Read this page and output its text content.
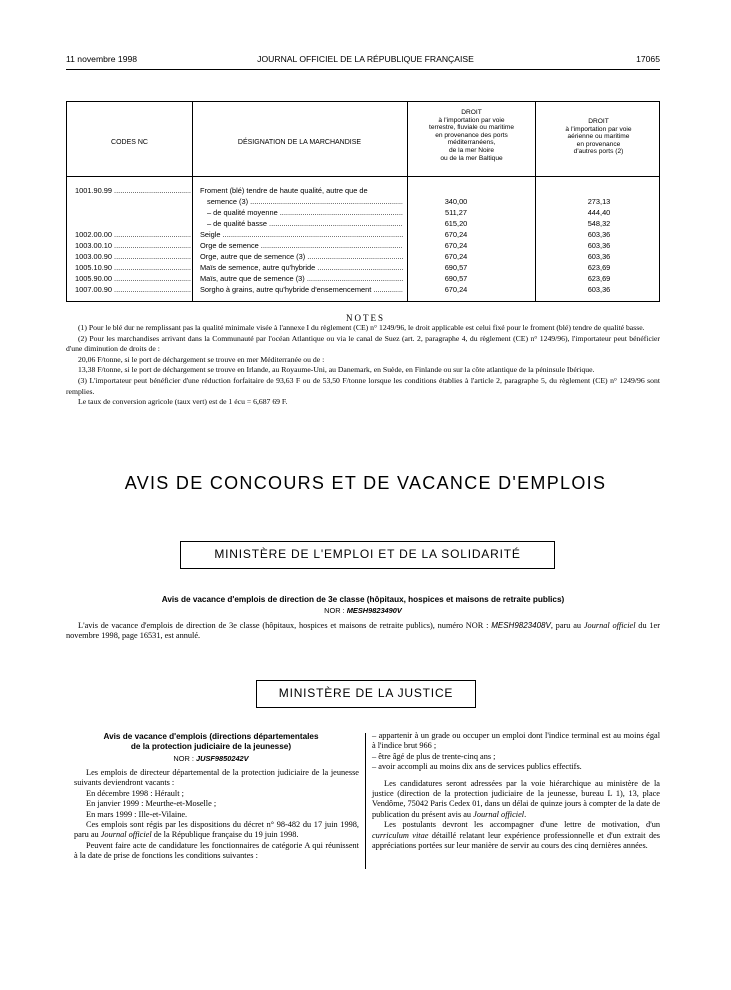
11 novembre 1998	JOURNAL OFFICIEL DE LA RÉPUBLIQUE FRANÇAISE	17065
CODES NC	DÉSIGNATION DE LA MARCHANDISE
DROIT
à l'importation par voie
terrestre, fluviale ou maritime
en provenance des ports
méditerranéens,
de la mer Noire
ou de la mer Baltique
DROIT
à l'importation par voie
aérienne ou maritime
en provenance
d'autres ports (2)
1001.90.99 .....	Froment (blé) tendre de haute qualité, autre que de
semence (3) .....	340,00	273,13
– de qualité moyenne .....	511,27	444,40
– de qualité basse .....	615,20	548,32
1002.00.00 .....	Seigle .....	670,24	603,36
1003.00.10 .....	Orge de semence .....	670,24	603,36
1003.00.90 .....	Orge, autre que de semence (3) .....	670,24	603,36
1005.10.90 .....	Maïs de semence, autre qu'hybride .....	690,57	623,69
1005.90.00 .....	Maïs, autre que de semence (3) .....	690,57	623,69
1007.00.90 .....	Sorgho à grains, autre qu'hybride d'ensemencement .....	670,24	603,36
NOTES

(1) Pour le blé dur ne remplissant pas la qualité minimale visée à l'annexe I du règlement (CE) n° 1249/96, le droit applicable est celui fixé pour le froment (blé) tendre de qualité basse.

(2) Pour les marchandises arrivant dans la Communauté par l'océan Atlantique ou via le canal de Suez (art. 2, paragraphe 4, du règlement (CE) n° 1249/96), l'importateur peut bénéficier d'une diminution de droits de :

20,06 F/tonne, si le port de déchargement se trouve en mer Méditerranée ou de :

13,38 F/tonne, si le port de déchargement se trouve en Irlande, au Royaume-Uni, au Danemark, en Suède, en Finlande ou sur la côte atlantique de la péninsule Ibérique.

(3) L'importateur peut bénéficier d'une réduction forfaitaire de 93,63 F ou de 53,50 F/tonne lorsque les conditions établies à l'article 2, paragraphe 5, du règlement (CE) n° 1249/96 sont remplies.

Le taux de conversion agricole (taux vert) est de 1 écu = 6,687 69 F.

AVIS DE CONCOURS ET DE VACANCE D'EMPLOIS
MINISTÈRE DE L'EMPLOI ET DE LA SOLIDARITÉ
Avis de vacance d'emplois de direction de 3e classe (hôpitaux, hospices et maisons de retraite publics)
NOR : MESH9823490V

L'avis de vacance d'emplois de direction de 3e classe (hôpitaux, hospices et maisons de retraite publics), numéro NOR : MESH9823408V, paru au Journal officiel du 1er novembre 1998, page 16531, est annulé.

MINISTÈRE DE LA JUSTICE
Avis de vacance d'emplois (directions départementales
de la protection judiciaire de la jeunesse)
NOR : JUSF9850242V

Les emplois de directeur départemental de la protection judiciaire de la jeunesse suivants deviendront vacants :

En décembre 1998 : Hérault ;

En janvier 1999 : Meurthe-et-Moselle ;

En mars 1999 : Ille-et-Vilaine.

Ces emplois sont régis par les dispositions du décret n° 98-482 du 17 juin 1998, paru au Journal officiel de la République française du 19 juin 1998.

Peuvent faire acte de candidature les fonctionnaires de catégorie A qui réunissent à la date de prise de fonctions les conditions suivantes :

– appartenir à un grade ou occuper un emploi dont l'indice terminal est au moins égal à l'indice brut 966 ;

– être âgé de plus de trente-cinq ans ;

– avoir accompli au moins dix ans de services publics effectifs.

Les candidatures seront adressées par la voie hiérarchique au ministère de la justice (direction de la protection judiciaire de la jeunesse, bureau L 1), 13, place Vendôme, 75042 Paris Cedex 01, dans un délai de quinze jours à compter de la date de publication du présent avis au Journal officiel.

Les postulants devront les accompagner d'une lettre de motivation, d'un curriculum vitae détaillé relatant leur expérience professionnelle et d'un extrait des appréciations portées sur leur manière de servir au cours des cinq dernières années.
